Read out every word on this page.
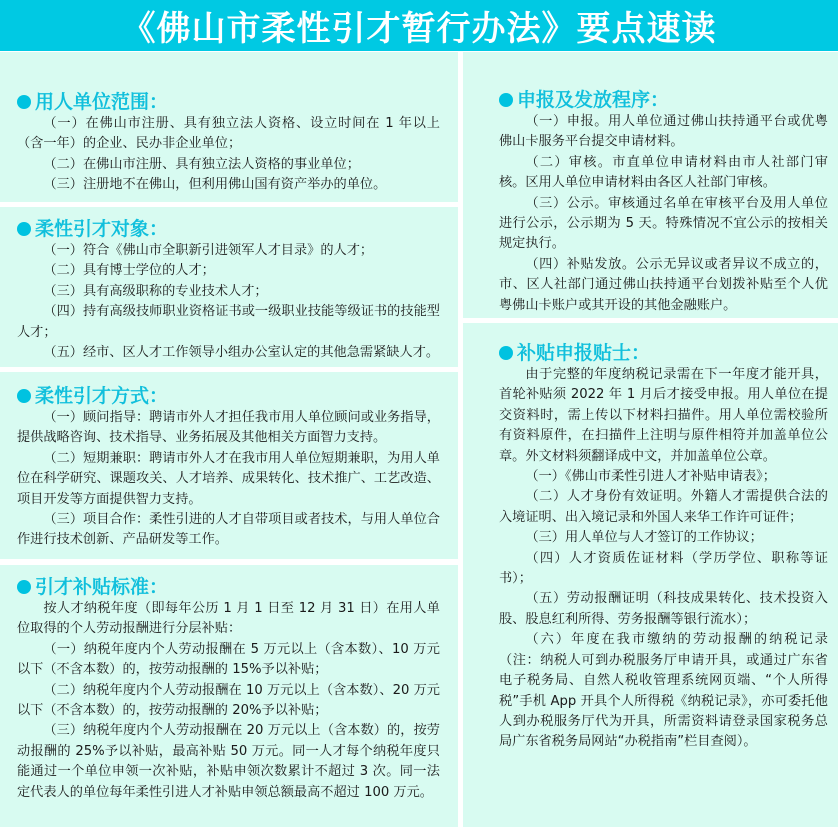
《佛山市柔性引才暂行办法》要点速读
用人单位范围：

（一）在佛山市注册、具有独立法人资格、设立时间在 1 年以上（含一年）的企业、民办非企业单位；

（二）在佛山市注册、具有独立法人资格的事业单位；

（三）注册地不在佛山，但利用佛山国有资产举办的单位。

柔性引才对象：

（一）符合《佛山市全职新引进领军人才目录》的人才；

（二）具有博士学位的人才；

（三）具有高级职称的专业技术人才；

（四）持有高级技师职业资格证书或一级职业技能等级证书的技能型人才；

（五）经市、区人才工作领导小组办公室认定的其他急需紧缺人才。

柔性引才方式：

（一）顾问指导：聘请市外人才担任我市用人单位顾问或业务指导，提供战略咨询、技术指导、业务拓展及其他相关方面智力支持。

（二）短期兼职：聘请市外人才在我市用人单位短期兼职，为用人单位在科学研究、课题攻关、人才培养、成果转化、技术推广、工艺改造、项目开发等方面提供智力支持。

（三）项目合作：柔性引进的人才自带项目或者技术，与用人单位合作进行技术创新、产品研发等工作。

引才补贴标准：

按人才纳税年度（即每年公历 1 月 1 日至 12 月 31 日）在用人单位取得的个人劳动报酬进行分层补贴：

（一）纳税年度内个人劳动报酬在 5 万元以上（含本数）、10 万元以下（不含本数）的，按劳动报酬的 15%予以补贴；

（二）纳税年度内个人劳动报酬在 10 万元以上（含本数）、20 万元以下（不含本数）的，按劳动报酬的 20%予以补贴；

（三）纳税年度内个人劳动报酬在 20 万元以上（含本数）的，按劳动报酬的 25%予以补贴，最高补贴 50 万元。同一人才每个纳税年度只能通过一个单位申领一次补贴，补贴申领次数累计不超过 3 次。同一法定代表人的单位每年柔性引进人才补贴申领总额最高不超过 100 万元。

申报及发放程序：

（一）申报。用人单位通过佛山扶持通平台或优粤佛山卡服务平台提交申请材料。

（二）审核。市直单位申请材料由市人社部门审核。区用人单位申请材料由各区人社部门审核。

（三）公示。审核通过名单在审核平台及用人单位进行公示，公示期为 5 天。特殊情况不宜公示的按相关规定执行。

（四）补贴发放。公示无异议或者异议不成立的，市、区人社部门通过佛山扶持通平台划拨补贴至个人优粤佛山卡账户或其开设的其他金融账户。

补贴申报贴士：

由于完整的年度纳税记录需在下一年度才能开具，首轮补贴须 2022 年 1 月后才接受申报。用人单位在提交资料时，需上传以下材料扫描件。用人单位需校验所有资料原件，在扫描件上注明与原件相符并加盖单位公章。外文材料须翻译成中文，并加盖单位公章。

（一）《佛山市柔性引进人才补贴申请表》；

（二）人才身份有效证明。外籍人才需提供合法的入境证明、出入境记录和外国人来华工作许可证件；

（三）用人单位与人才签订的工作协议；

（四）人才资质佐证材料（学历学位、职称等证书）；

（五）劳动报酬证明（科技成果转化、技术投资入股、股息红利所得、劳务报酬等银行流水）；

（六）年度在我市缴纳的劳动报酬的纳税记录（注：纳税人可到办税服务厅申请开具，或通过广东省电子税务局、自然人税收管理系统网页端、“个人所得税”手机 App 开具个人所得税《纳税记录》，亦可委托他人到办税服务厅代为开具，所需资料请登录国家税务总局广东省税务局网站“办税指南”栏目查阅）。
